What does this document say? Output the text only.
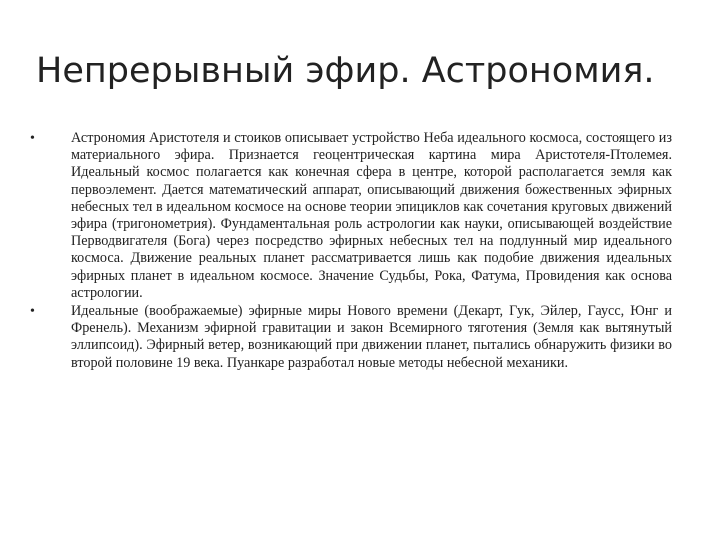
Непрерывный эфир. Астрономия.
•	Астрономия Аристотеля и стоиков описывает устройство Неба идеального космоса, состоящего из материального эфира. Признается геоцентрическая картина мира Аристотеля-Птолемея. Идеальный космос полагается как конечная сфера в центре, которой располагается земля как первоэлемент. Дается математический аппарат, описывающий движения божественных эфирных небесных тел в идеальном космосе на основе теории эпициклов как сочетания круговых движений эфира (тригонометрия). Фундаментальная роль астрологии как науки, описывающей воздействие Перводвигателя (Бога) через посредство эфирных небесных тел на подлунный мир идеального космоса. Движение реальных планет рассматривается лишь как подобие движения идеальных эфирных планет в идеальном космосе. Значение Судьбы, Рока, Фатума, Провидения как основа астрологии.
•	Идеальные (воображаемые) эфирные миры Нового времени (Декарт, Гук, Эйлер, Гаусс, Юнг и Френель). Механизм эфирной гравитации и закон Всемирного тяготения (Земля как вытянутый эллипсоид). Эфирный ветер, возникающий при движении планет, пытались обнаружить физики во второй половине 19 века. Пуанкаре разработал новые методы небесной механики.
